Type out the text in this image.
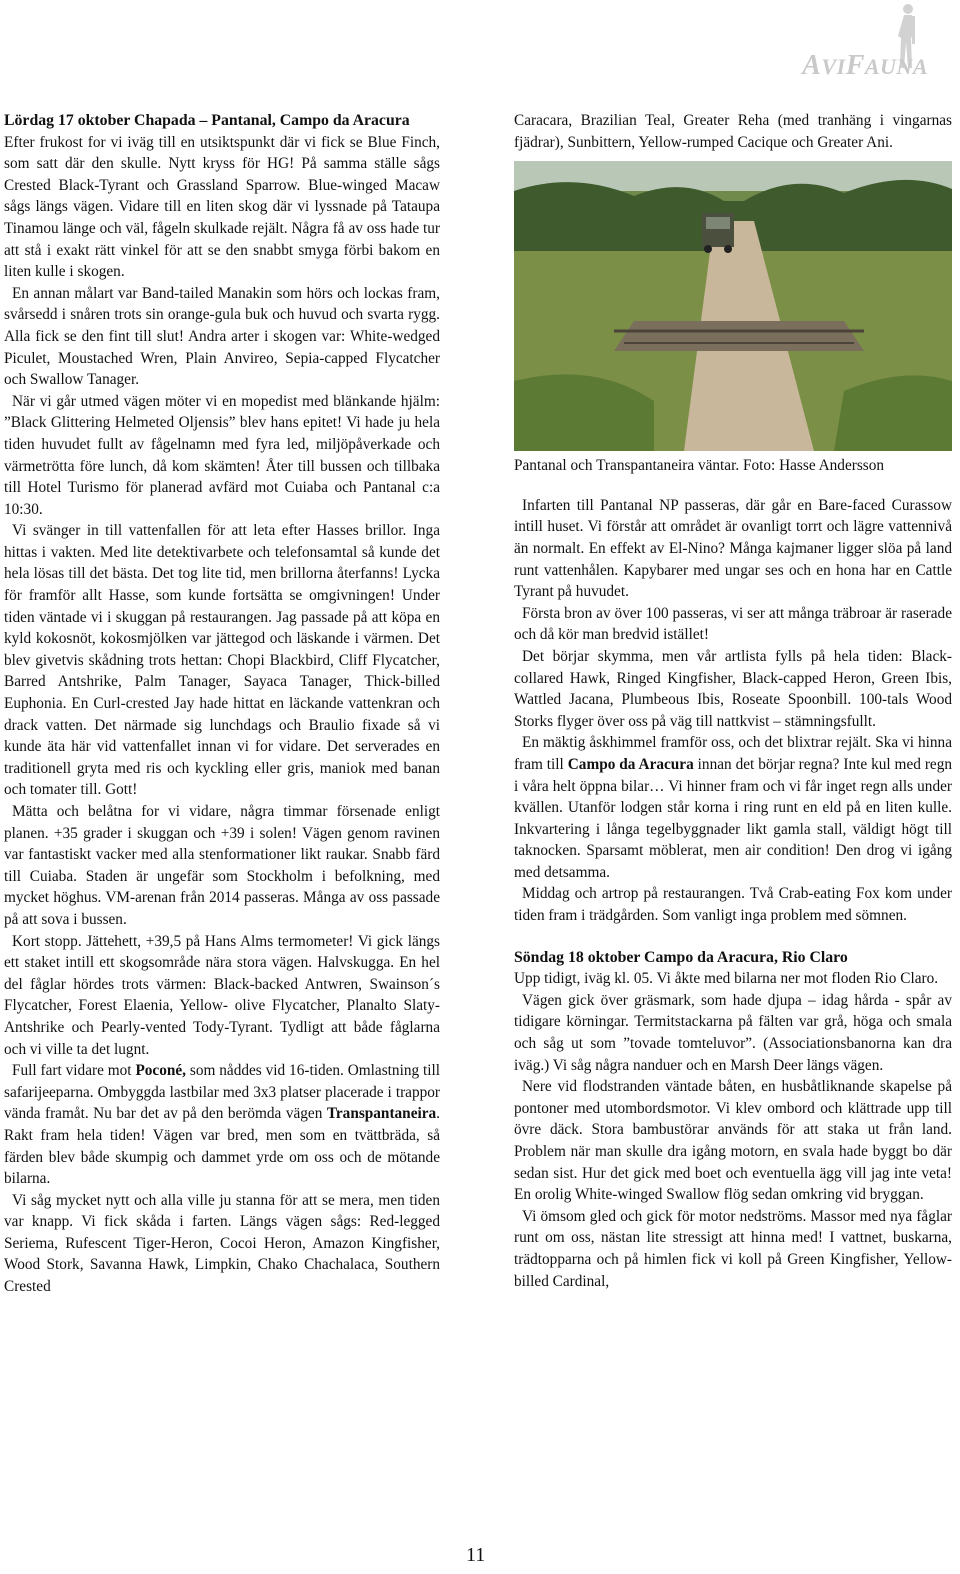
AVIFAUNA
Lördag 17 oktober Chapada – Pantanal, Campo da Aracura

Efter frukost for vi iväg till en utsiktspunkt där vi fick se Blue Finch, som satt där den skulle. Nytt kryss för HG! På samma ställe sågs Crested Black-Tyrant och Grassland Sparrow. Blue-winged Macaw sågs längs vägen. Vidare till en liten skog där vi lyssnade på Tataupa Tinamou länge och väl, fågeln skulkade rejält. Några få av oss hade tur att stå i exakt rätt vinkel för att se den snabbt smyga förbi bakom en liten kulle i skogen.

En annan målart var Band-tailed Manakin som hörs och lockas fram, svårsedd i snåren trots sin orange-gula buk och huvud och svarta rygg. Alla fick se den fint till slut! Andra arter i skogen var: White-wedged Piculet, Moustached Wren, Plain Anvireo, Sepia-capped Flycatcher och Swallow Tanager.

När vi går utmed vägen möter vi en mopedist med blänkande hjälm: ”Black Glittering Helmeted Oljensis” blev hans epitet! Vi hade ju hela tiden huvudet fullt av fågelnamn med fyra led, miljöpåverkade och värmetrötta före lunch, då kom skämten! Åter till bussen och tillbaka till Hotel Turismo för planerad avfärd mot Cuiaba och Pantanal c:a 10:30.

Vi svänger in till vattenfallen för att leta efter Hasses brillor. Inga hittas i vakten. Med lite detektivarbete och telefonsamtal så kunde det hela lösas till det bästa. Det tog lite tid, men brillorna återfanns! Lycka för framför allt Hasse, som kunde fortsätta se omgivningen! Under tiden väntade vi i skuggan på restaurangen. Jag passade på att köpa en kyld kokosnöt, kokosmjölken var jättegod och läskande i värmen. Det blev givetvis skådning trots hettan: Chopi Blackbird, Cliff Flycatcher, Barred Antshrike, Palm Tanager, Sayaca Tanager, Thick-billed Euphonia. En Curl-crested Jay hade hittat en läckande vattenkran och drack vatten. Det närmade sig lunchdags och Braulio fixade så vi kunde äta här vid vattenfallet innan vi for vidare. Det serverades en traditionell gryta med ris och kyckling eller gris, maniok med banan och tomater till. Gott!

Mätta och belåtna for vi vidare, några timmar försenade enligt planen. +35 grader i skuggan och +39 i solen! Vägen genom ravinen var fantastiskt vacker med alla stenformationer likt raukar. Snabb färd till Cuiaba. Staden är ungefär som Stockholm i befolkning, med mycket höghus. VM-arenan från 2014 passeras. Många av oss passade på att sova i bussen.

Kort stopp. Jättehett, +39,5 på Hans Alms termometer! Vi gick längs ett staket intill ett skogsområde nära stora vägen. Halvskugga. En hel del fåglar hördes trots värmen: Black-backed Antwren, Swainson´s Flycatcher, Forest Elaenia, Yellow- olive Flycatcher, Planalto Slaty-Antshrike och Pearly-vented Tody-Tyrant. Tydligt att både fåglarna och vi ville ta det lugnt.

Full fart vidare mot Poconé, som nåddes vid 16-tiden. Omlastning till safarijeeparna. Ombyggda lastbilar med 3x3 platser placerade i trappor vända framåt. Nu bar det av på den berömda vägen Transpantaneira. Rakt fram hela tiden! Vägen var bred, men som en tvättbräda, så färden blev både skumpig och dammet yrde om oss och de mötande bilarna.

Vi såg mycket nytt och alla ville ju stanna för att se mera, men tiden var knapp. Vi fick skåda i farten. Längs vägen sågs: Red-legged Seriema, Rufescent Tiger-Heron, Cocoi Heron, Amazon Kingfisher, Wood Stork, Savanna Hawk, Limpkin, Chako Chachalaca, Southern Crested

Caracara, Brazilian Teal, Greater Reha (med tranhäng i vingarnas fjädrar), Sunbittern, Yellow-rumped Cacique och Greater Ani.

Pantanal och Transpantaneira väntar. Foto: Hasse Andersson

Infarten till Pantanal NP passeras, där går en Bare-faced Curassow intill huset. Vi förstår att området är ovanligt torrt och lägre vattennivå än normalt. En effekt av El-Nino? Många kajmaner ligger slöa på land runt vattenhålen. Kapybarer med ungar ses och en hona har en Cattle Tyrant på huvudet.

Första bron av över 100 passeras, vi ser att många träbroar är raserade och då kör man bredvid istället!

Det börjar skymma, men vår artlista fylls på hela tiden: Black-collared Hawk, Ringed Kingfisher, Black-capped Heron, Green Ibis, Wattled Jacana, Plumbeous Ibis, Roseate Spoonbill. 100-tals Wood Storks flyger över oss på väg till nattkvist – stämningsfullt.

En mäktig åskhimmel framför oss, och det blixtrar rejält. Ska vi hinna fram till Campo da Aracura innan det börjar regna? Inte kul med regn i våra helt öppna bilar… Vi hinner fram och vi får inget regn alls under kvällen. Utanför lodgen står korna i ring runt en eld på en liten kulle. Inkvartering i långa tegelbyggnader likt gamla stall, väldigt högt till taknocken. Sparsamt möblerat, men air condition! Den drog vi igång med detsamma.

Middag och artrop på restaurangen. Två Crab-eating Fox kom under tiden fram i trädgården. Som vanligt inga problem med sömnen.

Söndag 18 oktober Campo da Aracura, Rio Claro

Upp tidigt, iväg kl. 05. Vi åkte med bilarna ner mot floden Rio Claro.

Vägen gick över gräsmark, som hade djupa – idag hårda - spår av tidigare körningar. Termitstackarna på fälten var grå, höga och smala och såg ut som ”tovade tomteluvor”. (Associationsbanorna kan dra iväg.) Vi såg några nanduer och en Marsh Deer längs vägen.

Nere vid flodstranden väntade båten, en husbåtliknande skapelse på pontoner med utombordsmotor. Vi klev ombord och klättrade upp till övre däck. Stora bambustörar används för att staka ut från land. Problem när man skulle dra igång motorn, en svala hade byggt bo där sedan sist. Hur det gick med boet och eventuella ägg vill jag inte veta! En orolig White-winged Swallow flög sedan omkring vid bryggan.

Vi ömsom gled och gick för motor nedströms. Massor med nya fåglar runt om oss, nästan lite stressigt att hinna med! I vattnet, buskarna, trädtopparna och på himlen fick vi koll på Green Kingfisher, Yellow-billed Cardinal,

11
